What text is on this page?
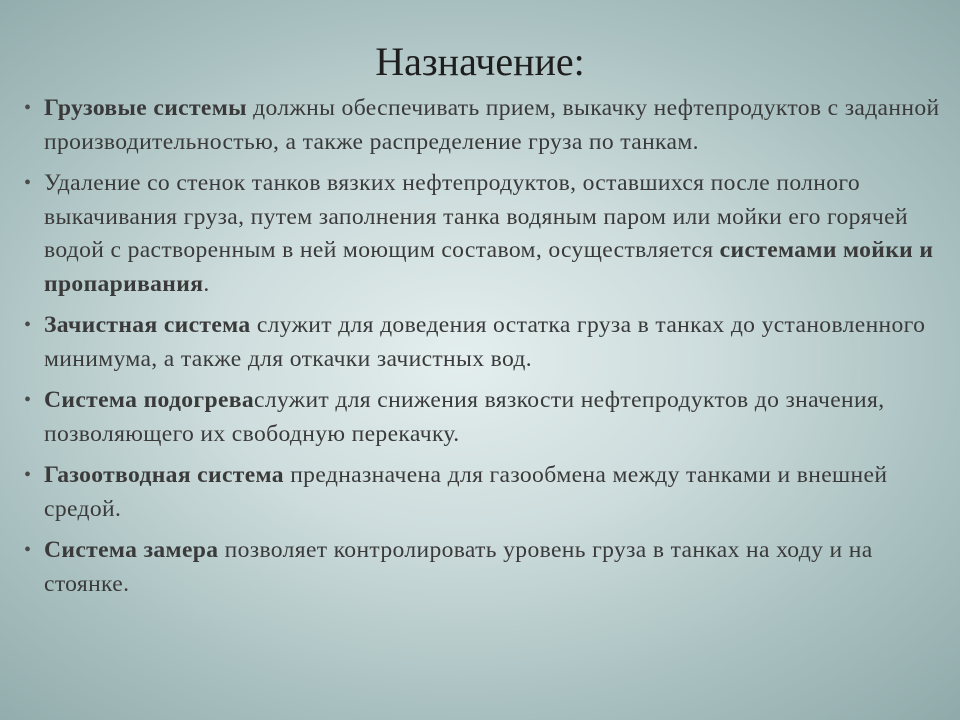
Назначение:
• Грузовые системы должны обеспечивать прием, выкачку нефтепродуктов с заданной производительностью, а также распределение груза по танкам.
• Удаление со стенок танков вязких нефтепродуктов, оставшихся после полного выкачивания груза, путем заполнения танка водяным паром или мойки его горячей водой с растворенным в ней моющим составом, осуществляется системами мойки и пропаривания.
• Зачистная система служит для доведения остатка груза в танках до установленного минимума, а также для откачки зачистных вод.
• Система подогреваслужит для снижения вязкости нефтепродуктов до значения, позволяющего их свободную перекачку.
• Газоотводная система предназначена для газообмена между танками и внешней средой.
• Система замера позволяет контролировать уровень груза в танках на ходу и на стоянке.
